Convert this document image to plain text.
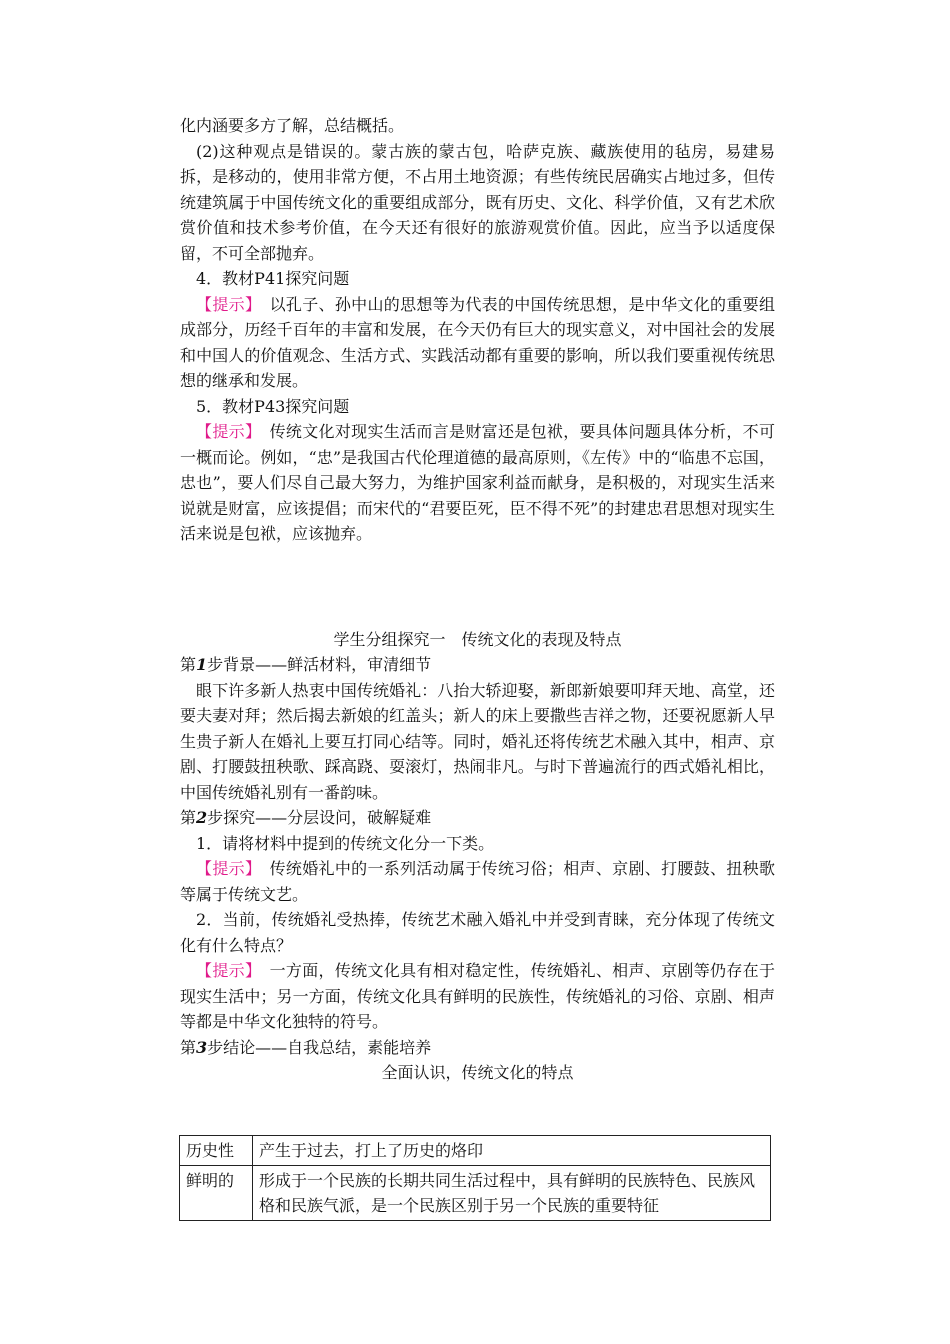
化内涵要多方了解，总结概括。

(2)这种观点是错误的。蒙古族的蒙古包，哈萨克族、藏族使用的毡房，易建易拆，是移动的，使用非常方便，不占用土地资源；有些传统民居确实占地过多，但传统建筑属于中国传统文化的重要组成部分，既有历史、文化、科学价值，又有艺术欣赏价值和技术参考价值，在今天还有很好的旅游观赏价值。因此，应当予以适度保留，不可全部抛弃。

4．教材P41探究问题

【提示】　 以孔子、孙中山的思想等为代表的中国传统思想，是中华文化的重要组成部分，历经千百年的丰富和发展，在今天仍有巨大的现实意义，对中国社会的发展和中国人的价值观念、生活方式、实践活动都有重要的影响，所以我们要重视传统思想的继承和发展。

5．教材P43探究问题

【提示】　 传统文化对现实生活而言是财富还是包袱，要具体问题具体分析，不可一概而论。例如，“忠”是我国古代伦理道德的最高原则，《左传》中的“临患不忘国，忠也”，要人们尽自己最大努力，为维护国家利益而献身，是积极的，对现实生活来说就是财富，应该提倡；而宋代的“君要臣死，臣不得不死”的封建忠君思想对现实生活来说是包袱，应该抛弃。

学生分组探究一　传统文化的表现及特点

第1步背景——鲜活材料，审清细节

眼下许多新人热衷中国传统婚礼：八抬大轿迎娶，新郎新娘要叩拜天地、高堂，还要夫妻对拜；然后揭去新娘的红盖头；新人的床上要撒些吉祥之物，还要祝愿新人早生贵子新人在婚礼上要互打同心结等。同时，婚礼还将传统艺术融入其中，相声、京剧、打腰鼓扭秧歌、踩高跷、耍滚灯，热闹非凡。与时下普遍流行的西式婚礼相比，中国传统婚礼别有一番韵味。

第2步探究——分层设问，破解疑难

1．请将材料中提到的传统文化分一下类。

【提示】　 传统婚礼中的一系列活动属于传统习俗；相声、京剧、打腰鼓、扭秧歌等属于传统文艺。

2．当前，传统婚礼受热捧，传统艺术融入婚礼中并受到青睐，充分体现了传统文化有什么特点？

【提示】　 一方面，传统文化具有相对稳定性，传统婚礼、相声、京剧等仍存在于现实生活中；另一方面，传统文化具有鲜明的民族性，传统婚礼的习俗、京剧、相声等都是中华文化独特的符号。

第3步结论——自我总结，素能培养

全面认识，传统文化的特点

历史性	产生于过去，打上了历史的烙印
鲜明的	形成于一个民族的长期共同生活过程中，具有鲜明的民族特色、民族风格和民族气派，是一个民族区别于另一个民族的重要特征
